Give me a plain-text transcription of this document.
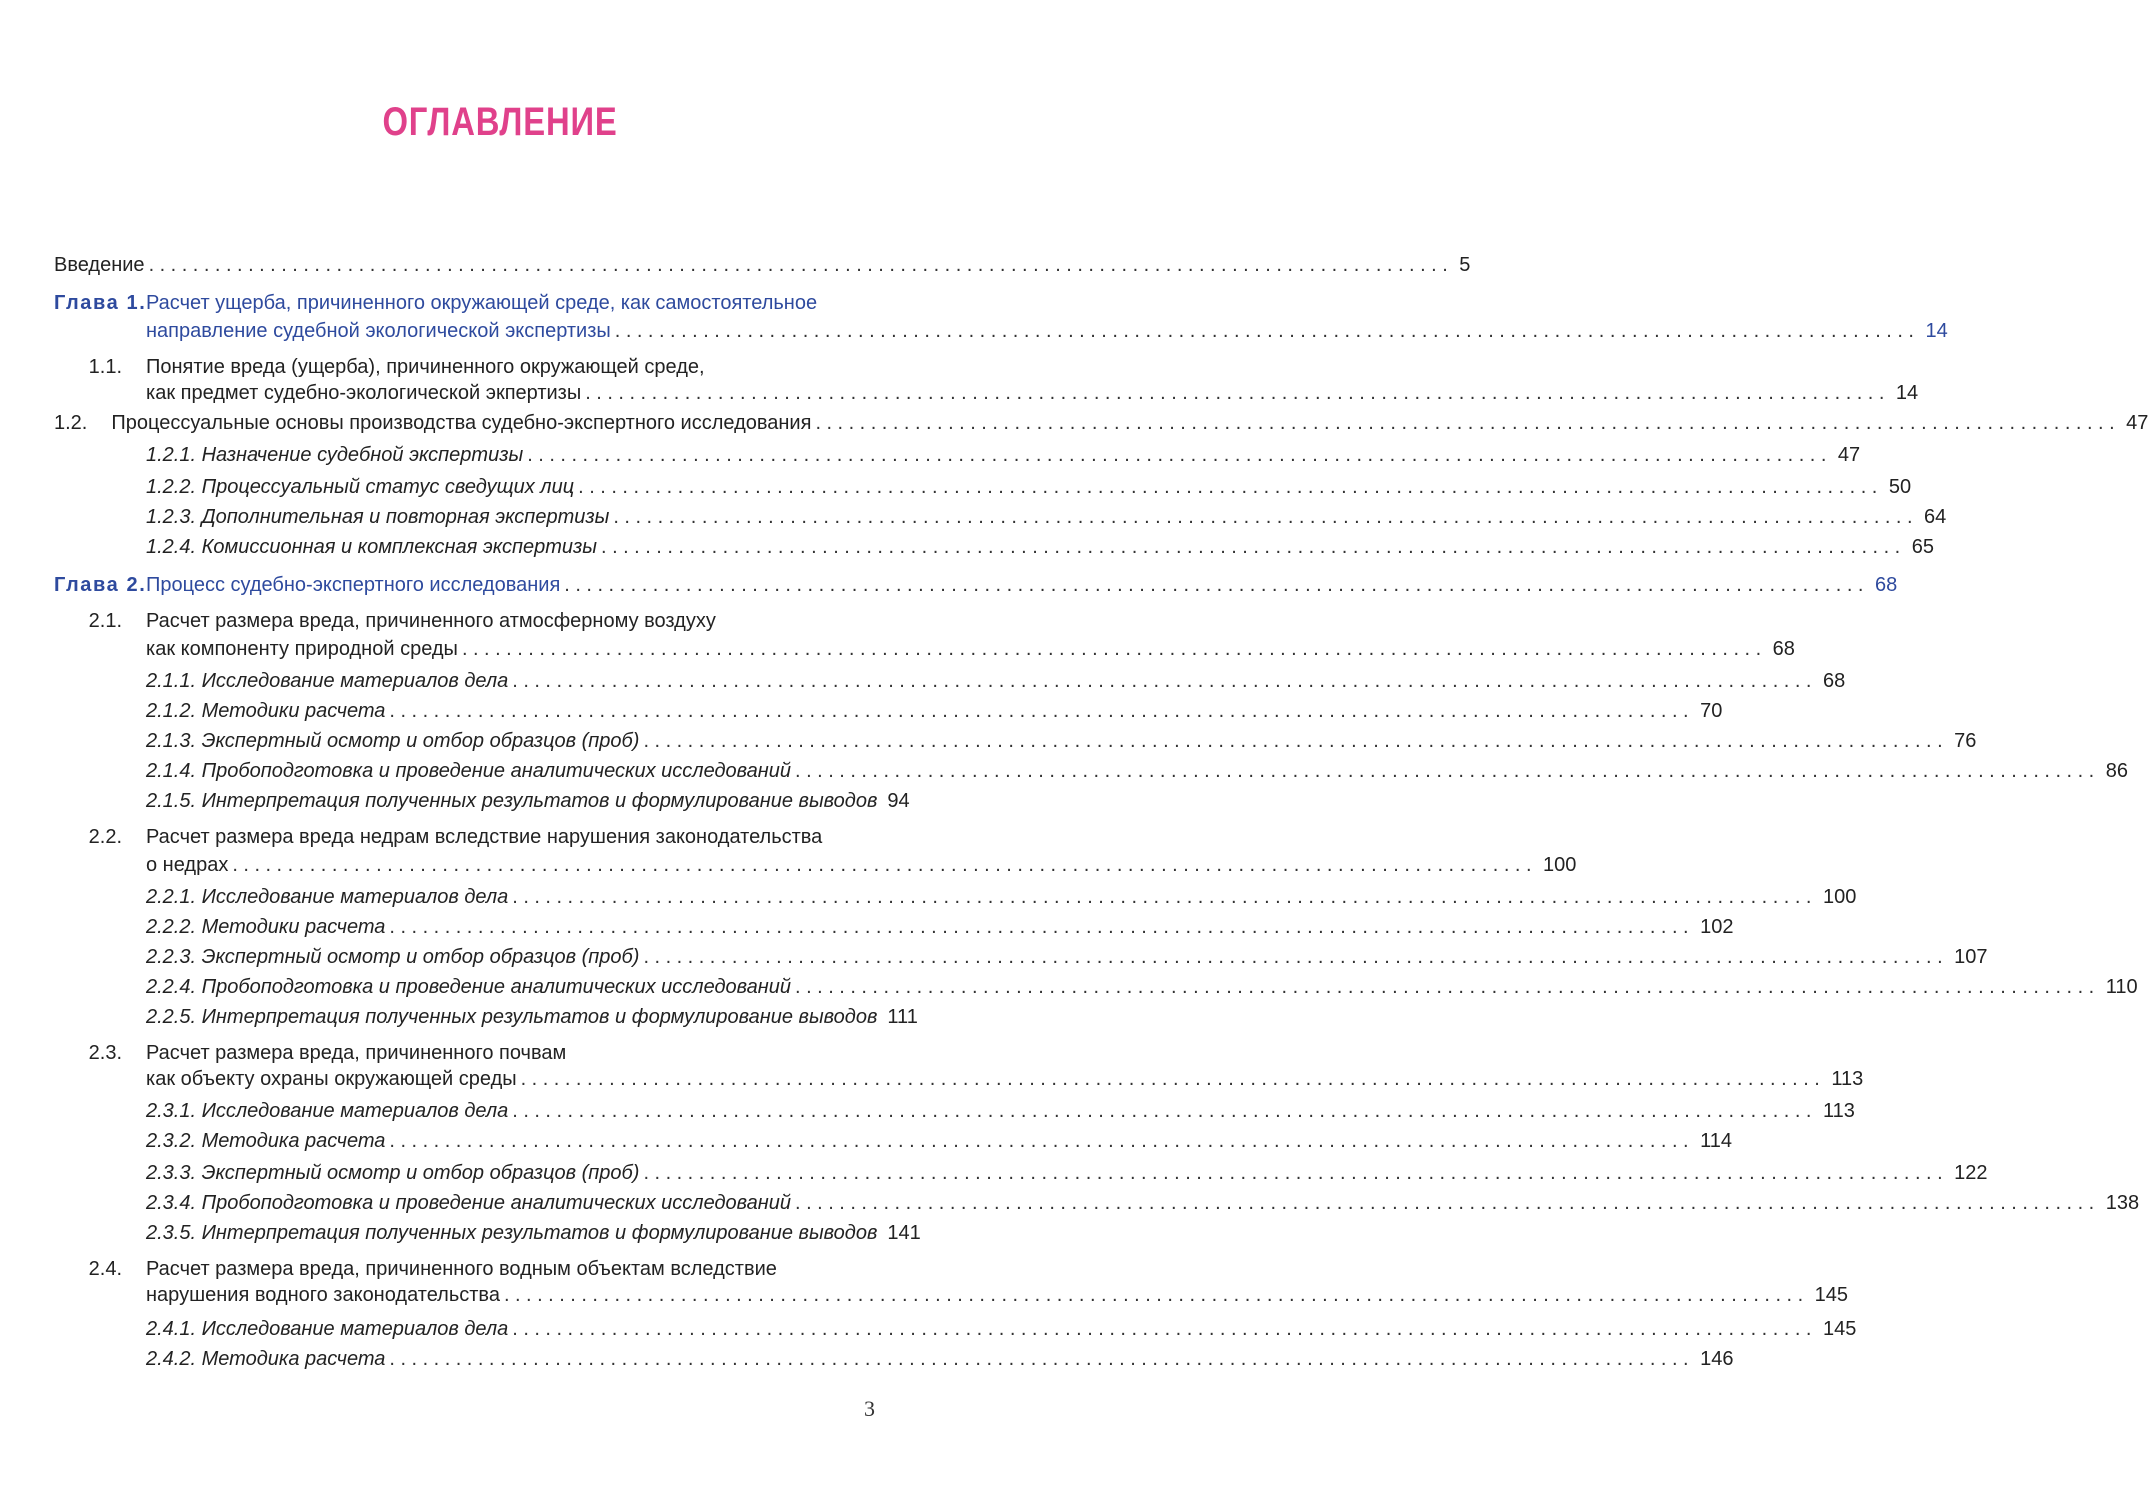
ОГЛАВЛЕНИЕ
Введение ...................................................................................................................... 5
Глава 1.Расчет ущерба, причиненного окружающей среде, как самостоятельное
направление судебной экологической экспертизы ...................................................................................................................... 14
1.1. Понятие вреда (ущерба), причиненного окружающей среде,
как предмет судебно-экологической экпертизы ...................................................................................................................... 14
1.2. Процессуальные основы производства судебно-экспертного исследования ...................................................................................................................... 47
1.2.1. Назначение судебной экспертизы ...................................................................................................................... 47
1.2.2. Процессуальный статус сведущих лиц ...................................................................................................................... 50
1.2.3. Дополнительная и повторная экспертизы ...................................................................................................................... 64
1.2.4. Комиссионная и комплексная экспертизы ...................................................................................................................... 65
Глава 2. Процесс судебно-экспертного исследования ...................................................................................................................... 68
2.1. Расчет размера вреда, причиненного атмосферному воздуху
как компоненту природной среды ...................................................................................................................... 68
2.1.1. Исследование материалов дела ...................................................................................................................... 68
2.1.2. Методики расчета ...................................................................................................................... 70
2.1.3. Экспертный осмотр и отбор образцов (проб) ...................................................................................................................... 76
2.1.4. Пробоподготовка и проведение аналитических исследований ...................................................................................................................... 86
2.1.5. Интерпретация полученных результатов и формулирование выводов 94
2.2. Расчет размера вреда недрам вследствие нарушения законодательства
о недрах ...................................................................................................................... 100
2.2.1. Исследование материалов дела ...................................................................................................................... 100
2.2.2. Методики расчета ...................................................................................................................... 102
2.2.3. Экспертный осмотр и отбор образцов (проб) ...................................................................................................................... 107
2.2.4. Пробоподготовка и проведение аналитических исследований ...................................................................................................................... 110
2.2.5. Интерпретация полученных результатов и формулирование выводов 111
2.3. Расчет размера вреда, причиненного почвам
как объекту охраны окружающей среды ...................................................................................................................... 113
2.3.1. Исследование материалов дела ...................................................................................................................... 113
2.3.2. Методика расчета ...................................................................................................................... 114
2.3.3. Экспертный осмотр и отбор образцов (проб) ...................................................................................................................... 122
2.3.4. Пробоподготовка и проведение аналитических исследований ...................................................................................................................... 138
2.3.5. Интерпретация полученных результатов и формулирование выводов 141
2.4. Расчет размера вреда, причиненного водным объектам вследствие
нарушения водного законодательства ...................................................................................................................... 145
2.4.1. Исследование материалов дела ...................................................................................................................... 145
2.4.2. Методика расчета ...................................................................................................................... 146
3
